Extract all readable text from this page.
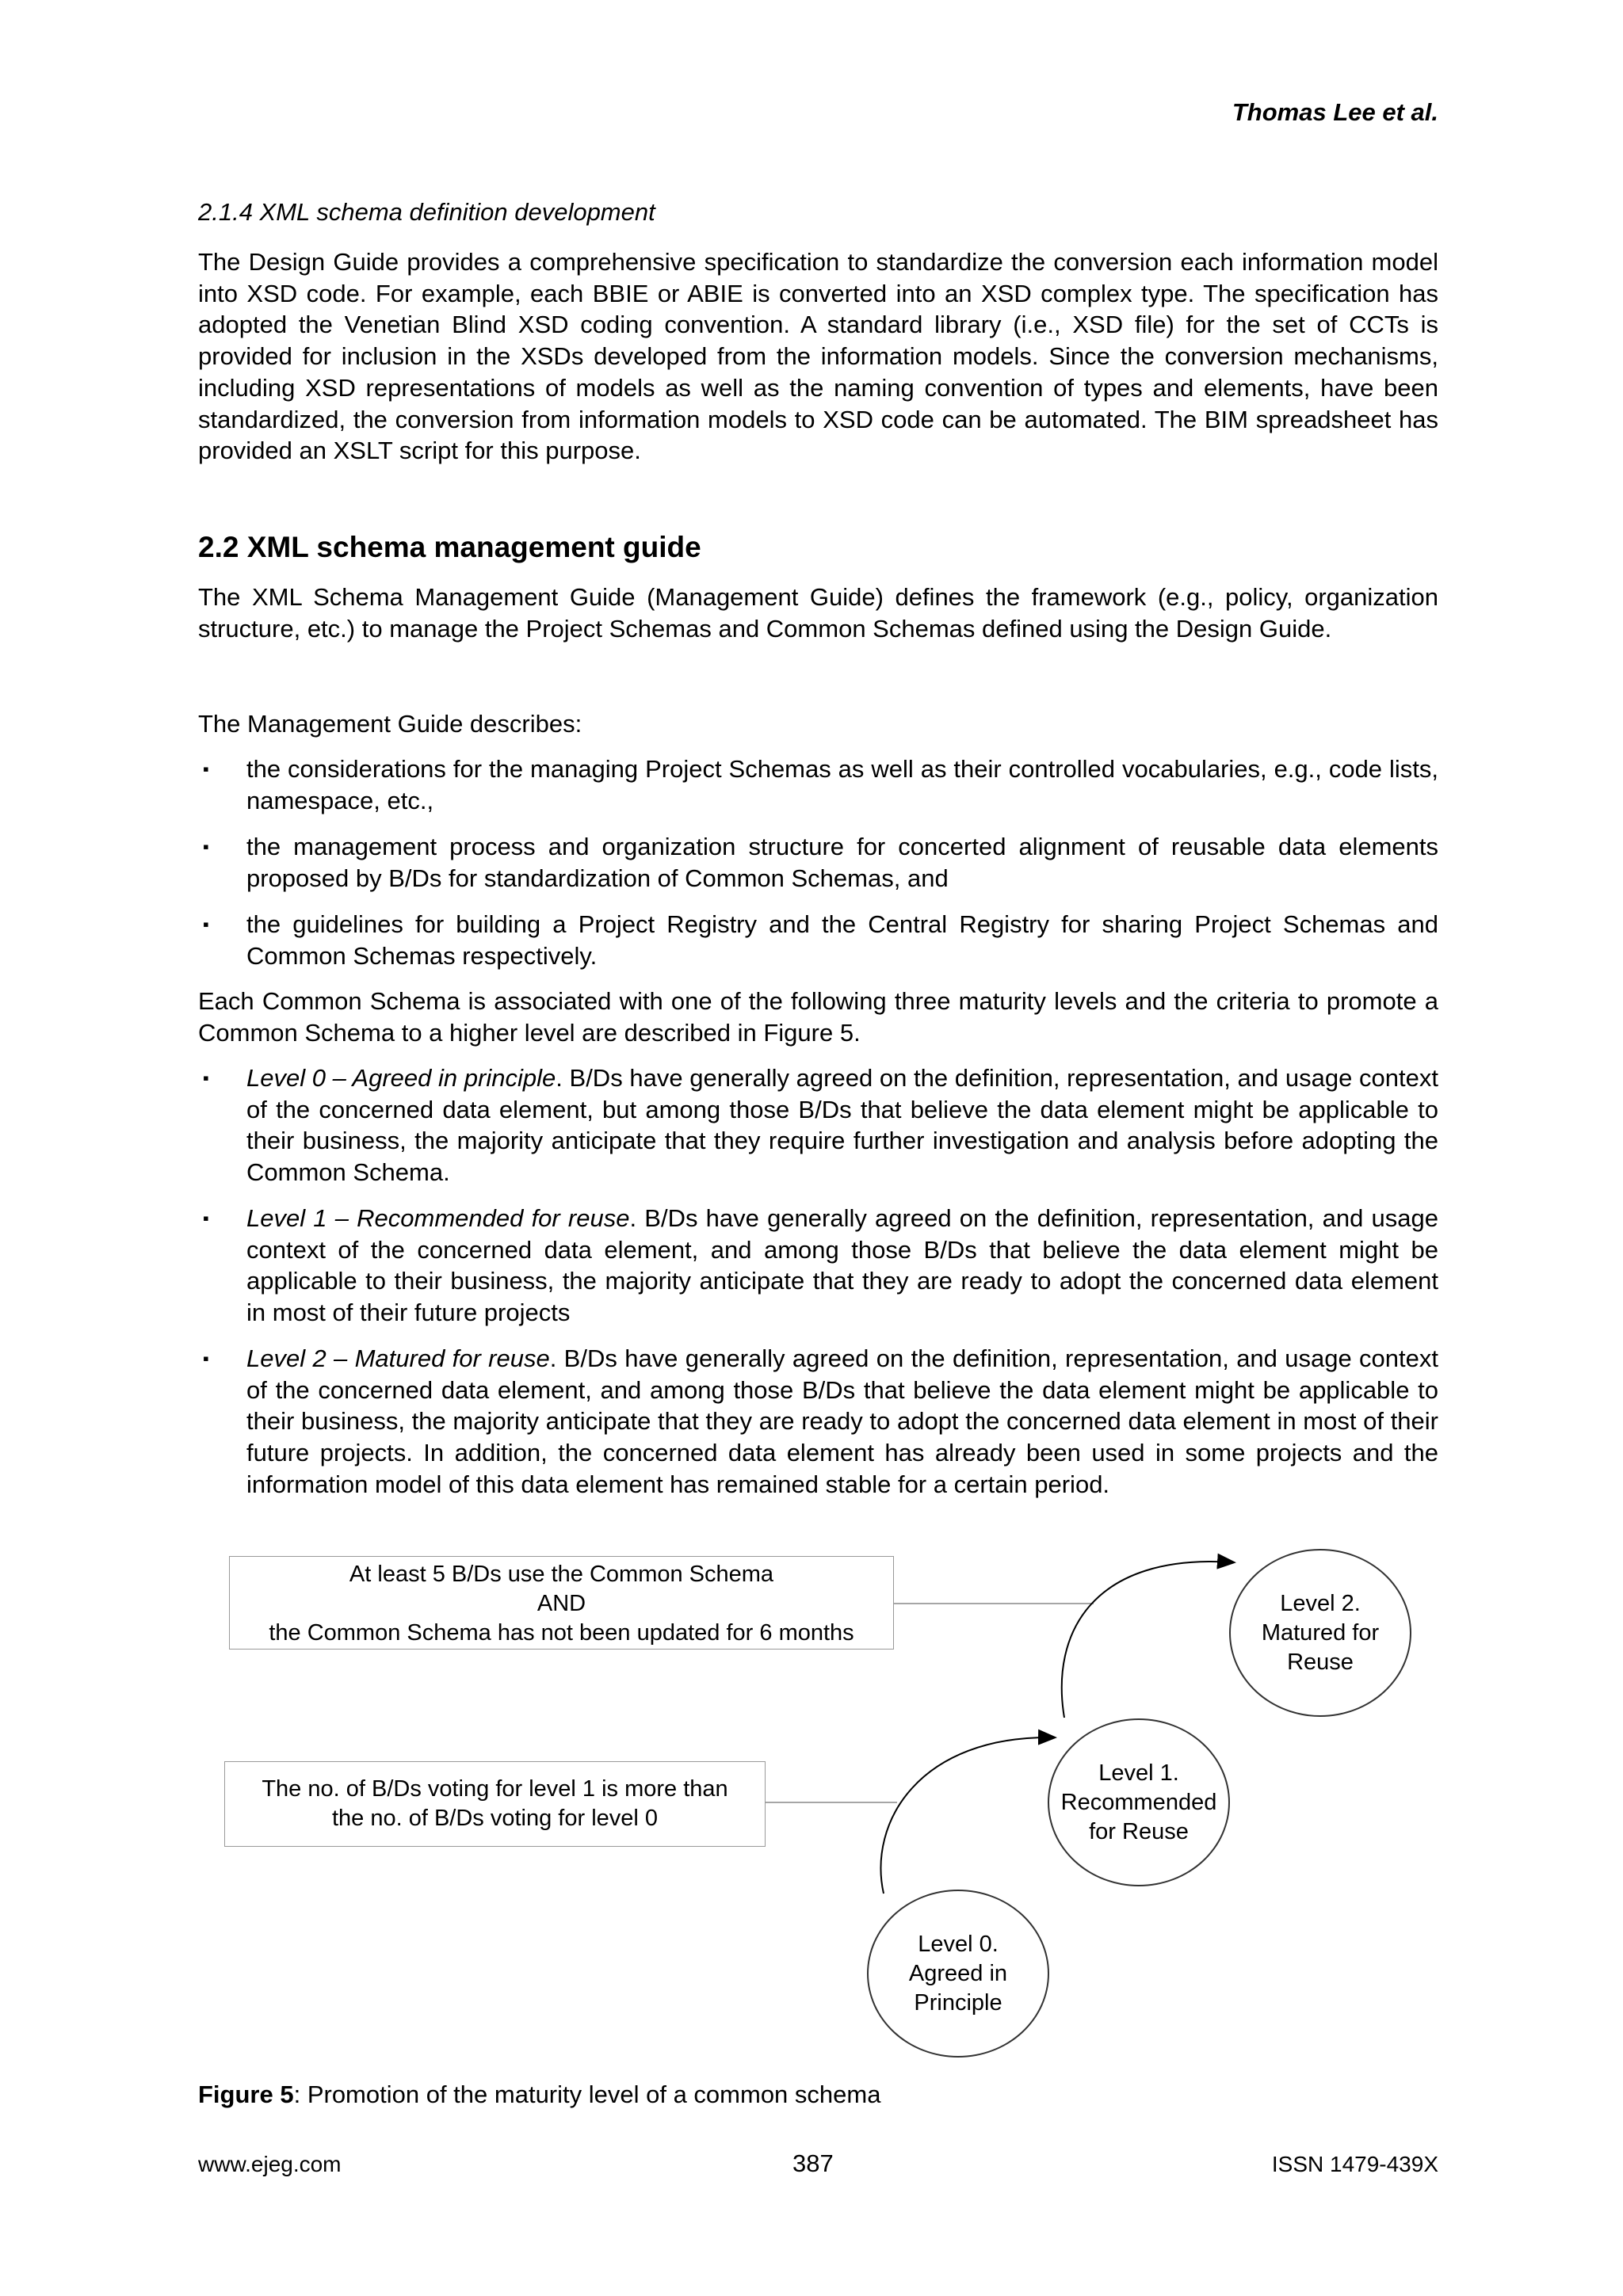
Thomas Lee et al.
2.1.4 XML schema definition development

The Design Guide provides a comprehensive specification to standardize the conversion each information model into XSD code. For example, each BBIE or ABIE is converted into an XSD complex type. The specification has adopted the Venetian Blind XSD coding convention. A standard library (i.e., XSD file) for the set of CCTs is provided for inclusion in the XSDs developed from the information models. Since the conversion mechanisms, including XSD representations of models as well as the naming convention of types and elements, have been standardized, the conversion from information models to XSD code can be automated. The BIM spreadsheet has provided an XSLT script for this purpose.

2.2 XML schema management guide

The XML Schema Management Guide (Management Guide) defines the framework (e.g., policy, organization structure, etc.) to manage the Project Schemas and Common Schemas defined using the Design Guide.

The Management Guide describes:

▪ the considerations for the managing Project Schemas as well as their controlled vocabularies, e.g., code lists, namespace, etc.,

▪ the management process and organization structure for concerted alignment of reusable data elements proposed by B/Ds for standardization of Common Schemas, and

▪ the guidelines for building a Project Registry and the Central Registry for sharing Project Schemas and Common Schemas respectively.

Each Common Schema is associated with one of the following three maturity levels and the criteria to promote a Common Schema to a higher level are described in Figure 5.

▪ Level 0 – Agreed in principle. B/Ds have generally agreed on the definition, representation, and usage context of the concerned data element, but among those B/Ds that believe the data element might be applicable to their business, the majority anticipate that they require further investigation and analysis before adopting the Common Schema.

▪ Level 1 – Recommended for reuse. B/Ds have generally agreed on the definition, representation, and usage context of the concerned data element, and among those B/Ds that believe the data element might be applicable to their business, the majority anticipate that they are ready to adopt the concerned data element in most of their future projects

▪ Level 2 – Matured for reuse. B/Ds have generally agreed on the definition, representation, and usage context of the concerned data element, and among those B/Ds that believe the data element might be applicable to their business, the majority anticipate that they are ready to adopt the concerned data element in most of their future projects. In addition, the concerned data element has already been used in some projects and the information model of this data element has remained stable for a certain period.

At least 5 B/Ds use the Common Schema
AND
the Common Schema has not been updated for 6 months
The no. of B/Ds voting for level 1 is more than
the no. of B/Ds voting for level 0
Level 2.
Matured for
Reuse
Level 1.
Recommended
for Reuse
Level 0.
Agreed in
Principle
Figure 5: Promotion of the maturity level of a common schema
www.ejeg.com	387	ISSN 1479-439X
